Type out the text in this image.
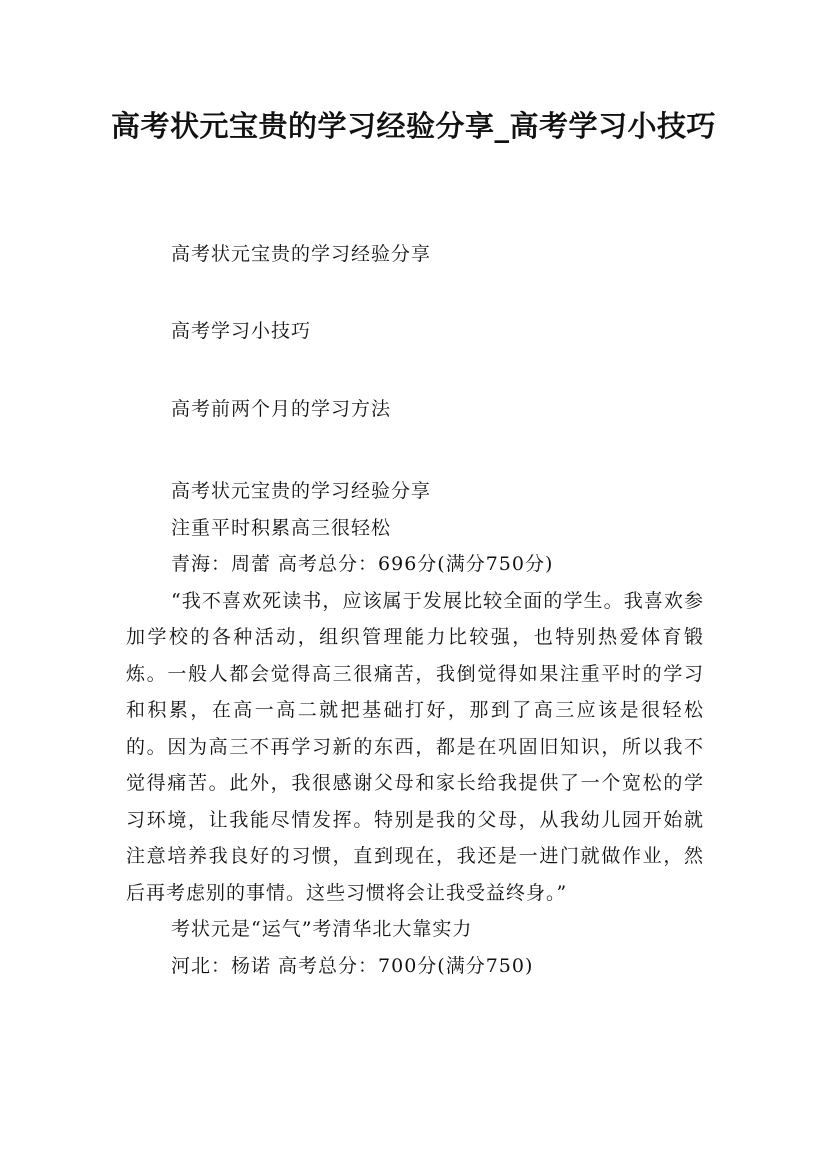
高考状元宝贵的学习经验分享_高考学习小技巧
高考状元宝贵的学习经验分享
高考学习小技巧
高考前两个月的学习方法

高考状元宝贵的学习经验分享

注重平时积累高三很轻松

青海：周蕾 高考总分：696分(满分750分)

“我不喜欢死读书，应该属于发展比较全面的学生。我喜欢参加学校的各种活动，组织管理能力比较强，也特别热爱体育锻炼。一般人都会觉得高三很痛苦，我倒觉得如果注重平时的学习和积累，在高一高二就把基础打好，那到了高三应该是很轻松的。因为高三不再学习新的东西，都是在巩固旧知识，所以我不觉得痛苦。此外，我很感谢父母和家长给我提供了一个宽松的学习环境，让我能尽情发挥。特别是我的父母，从我幼儿园开始就注意培养我良好的习惯，直到现在，我还是一进门就做作业，然后再考虑别的事情。这些习惯将会让我受益终身。”

考状元是“运气”考清华北大靠实力

河北：杨诺 高考总分：700分(满分750)
